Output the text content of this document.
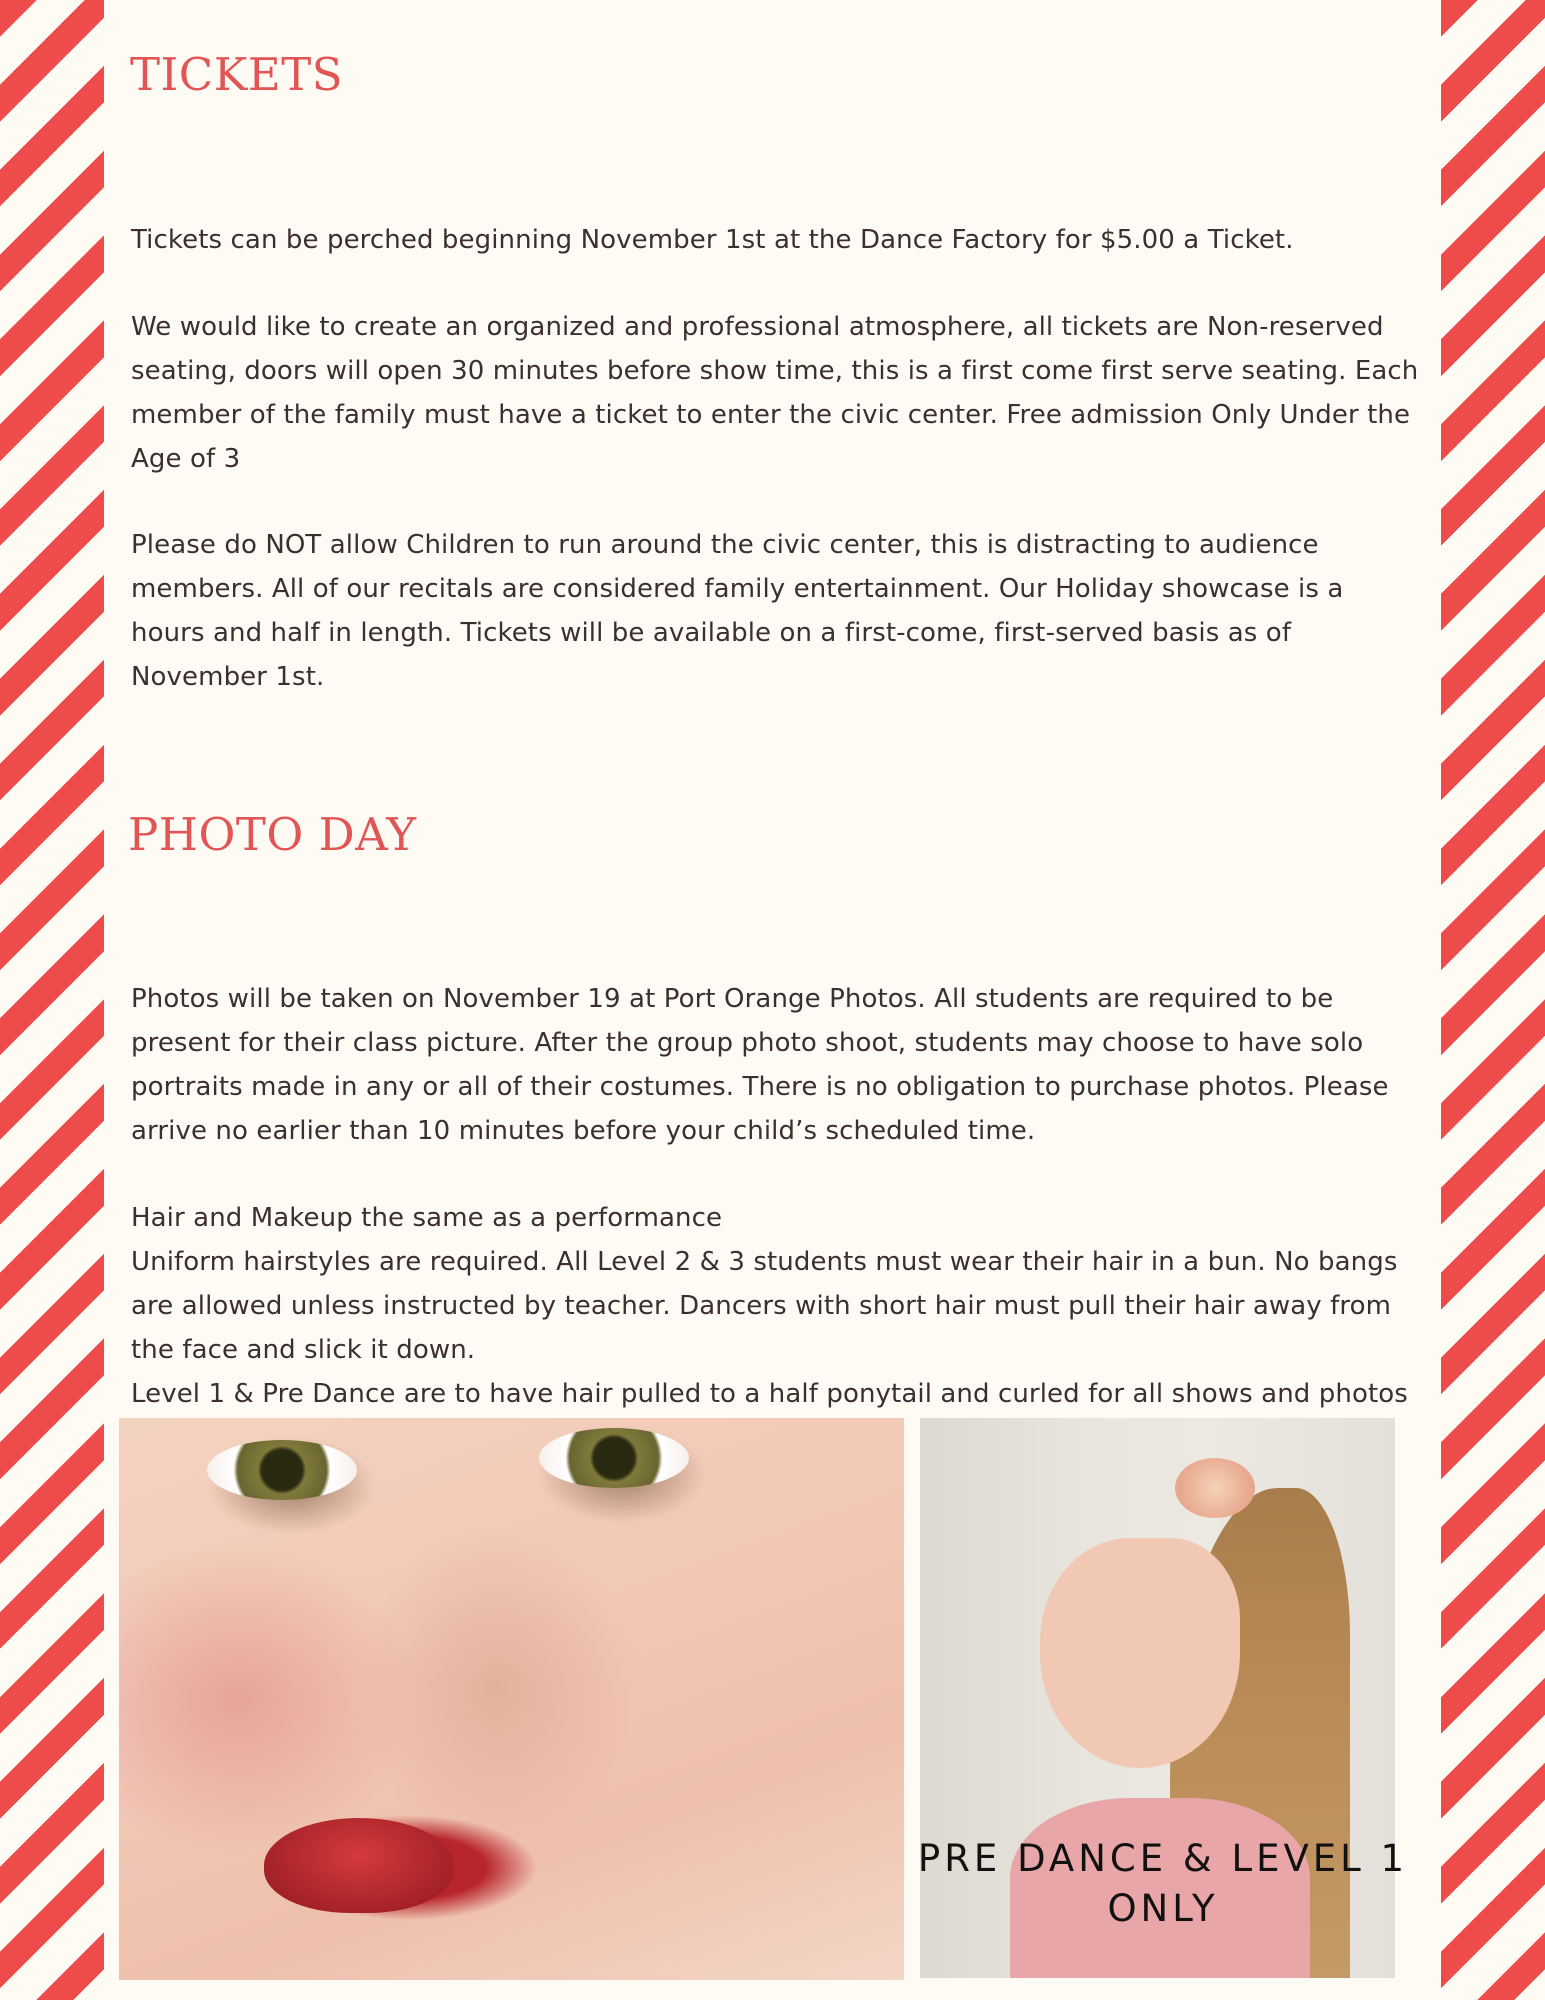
TICKETS

Tickets can be perched beginning November 1st at the Dance Factory for $5.00 a Ticket.

We would like to create an organized and professional atmosphere, all tickets are Non-reserved seating, doors will open 30 minutes before show time, this is a first come first serve seating. Each member of the family must have a ticket to enter the civic center. Free admission Only Under the Age of 3

Please do NOT allow Children to run around the civic center, this is distracting to audience members. All of our recitals are considered family entertainment. Our Holiday showcase is a hours and half in length. Tickets will be available on a first-come, first-served basis as of November 1st.

PHOTO DAY

Photos will be taken on November 19 at Port Orange Photos. All students are required to be present for their class picture. After the group photo shoot, students may choose to have solo portraits made in any or all of their costumes. There is no obligation to purchase photos. Please arrive no earlier than 10 minutes before your child’s scheduled time.

Hair and Makeup the same as a performance
Uniform hairstyles are required. All Level 2 & 3 students must wear their hair in a bun. No bangs are allowed unless instructed by teacher. Dancers with short hair must pull their hair away from the face and slick it down.
Level 1 & Pre Dance are to have hair pulled to a half ponytail and curled for all shows and photos
PRE DANCE & LEVEL 1 ONLY
